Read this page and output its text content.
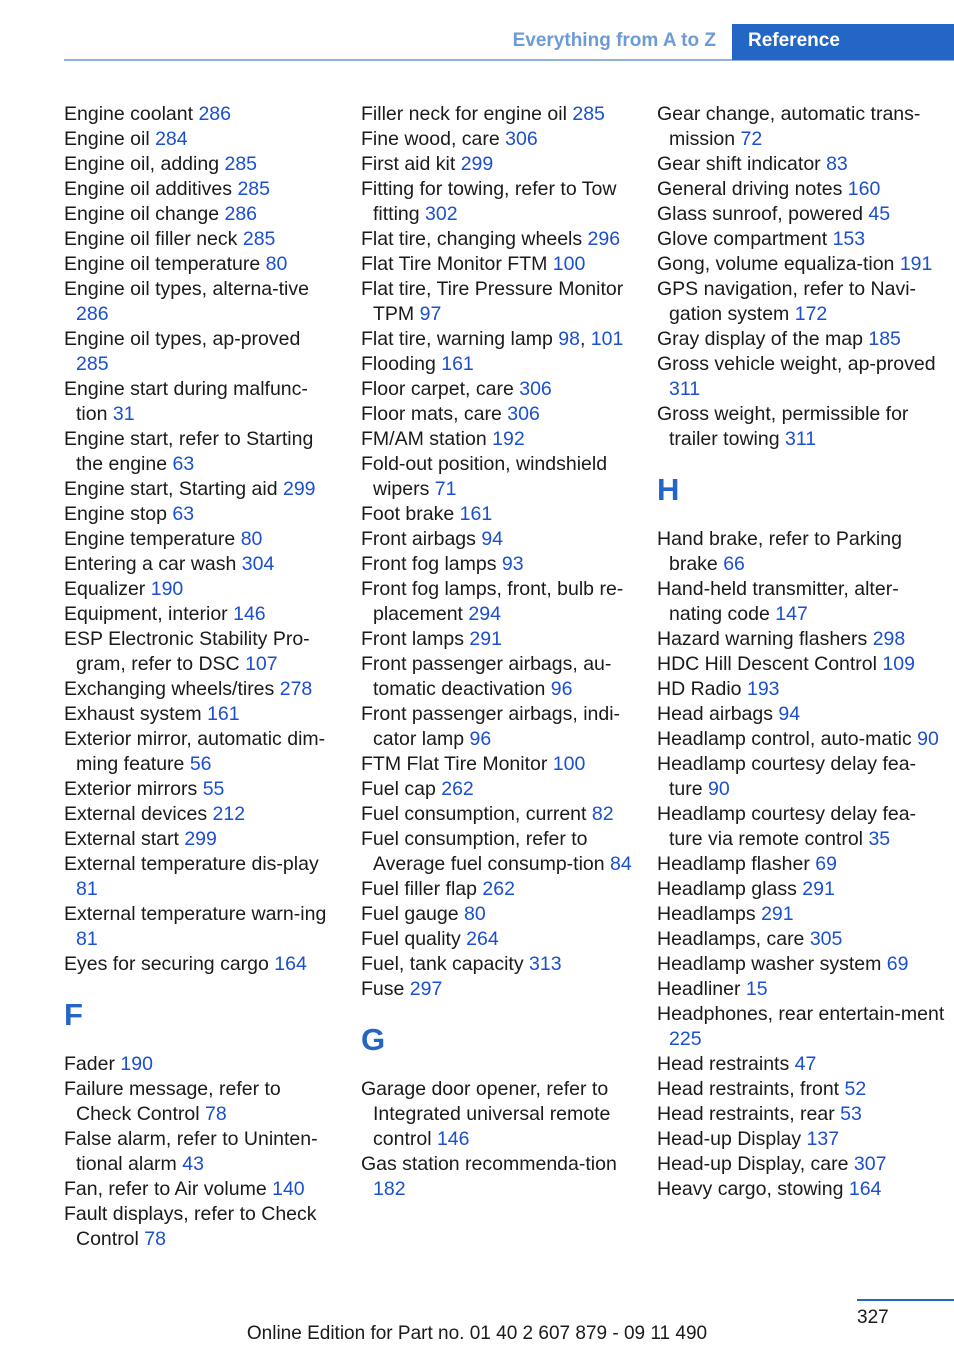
Everything from A to Z Reference
Engine coolant 286
Engine oil 284
Engine oil, adding 285
Engine oil additives 285
Engine oil change 286
Engine oil filler neck 285
Engine oil temperature 80
Engine oil types, alterna-tive 286
Engine oil types, ap-proved 285
Engine start during malfunc-tion 31
Engine start, refer to Starting the engine 63
Engine start, Starting aid 299
Engine stop 63
Engine temperature 80
Entering a car wash 304
Equalizer 190
Equipment, interior 146
ESP Electronic Stability Pro-gram, refer to DSC 107
Exchanging wheels/tires 278
Exhaust system 161
Exterior mirror, automatic dim-ming feature 56
Exterior mirrors 55
External devices 212
External start 299
External temperature dis-play 81
External temperature warn-ing 81
Eyes for securing cargo 164
F
Fader 190
Failure message, refer to Check Control 78
False alarm, refer to Uninten-tional alarm 43
Fan, refer to Air volume 140
Fault displays, refer to Check Control 78
Filler neck for engine oil 285
Fine wood, care 306
First aid kit 299
Fitting for towing, refer to Tow fitting 302
Flat tire, changing wheels 296
Flat Tire Monitor FTM 100
Flat tire, Tire Pressure Monitor TPM 97
Flat tire, warning lamp 98, 101
Flooding 161
Floor carpet, care 306
Floor mats, care 306
FM/AM station 192
Fold-out position, windshield wipers 71
Foot brake 161
Front airbags 94
Front fog lamps 93
Front fog lamps, front, bulb re-placement 294
Front lamps 291
Front passenger airbags, au-tomatic deactivation 96
Front passenger airbags, indi-cator lamp 96
FTM Flat Tire Monitor 100
Fuel cap 262
Fuel consumption, current 82
Fuel consumption, refer to Average fuel consump-tion 84
Fuel filler flap 262
Fuel gauge 80
Fuel quality 264
Fuel, tank capacity 313
Fuse 297
G
Garage door opener, refer to Integrated universal remote control 146
Gas station recommenda-tion 182
Gear change, automatic trans-mission 72
Gear shift indicator 83
General driving notes 160
Glass sunroof, powered 45
Glove compartment 153
Gong, volume equaliza-tion 191
GPS navigation, refer to Navi-gation system 172
Gray display of the map 185
Gross vehicle weight, ap-proved 311
Gross weight, permissible for trailer towing 311
H
Hand brake, refer to Parking brake 66
Hand-held transmitter, alter-nating code 147
Hazard warning flashers 298
HDC Hill Descent Control 109
HD Radio 193
Head airbags 94
Headlamp control, auto-matic 90
Headlamp courtesy delay fea-ture 90
Headlamp courtesy delay fea-ture via remote control 35
Headlamp flasher 69
Headlamp glass 291
Headlamps 291
Headlamps, care 305
Headlamp washer system 69
Headliner 15
Headphones, rear entertain-ment 225
Head restraints 47
Head restraints, front 52
Head restraints, rear 53
Head-up Display 137
Head-up Display, care 307
Heavy cargo, stowing 164
327
Online Edition for Part no. 01 40 2 607 879 - 09 11 490
